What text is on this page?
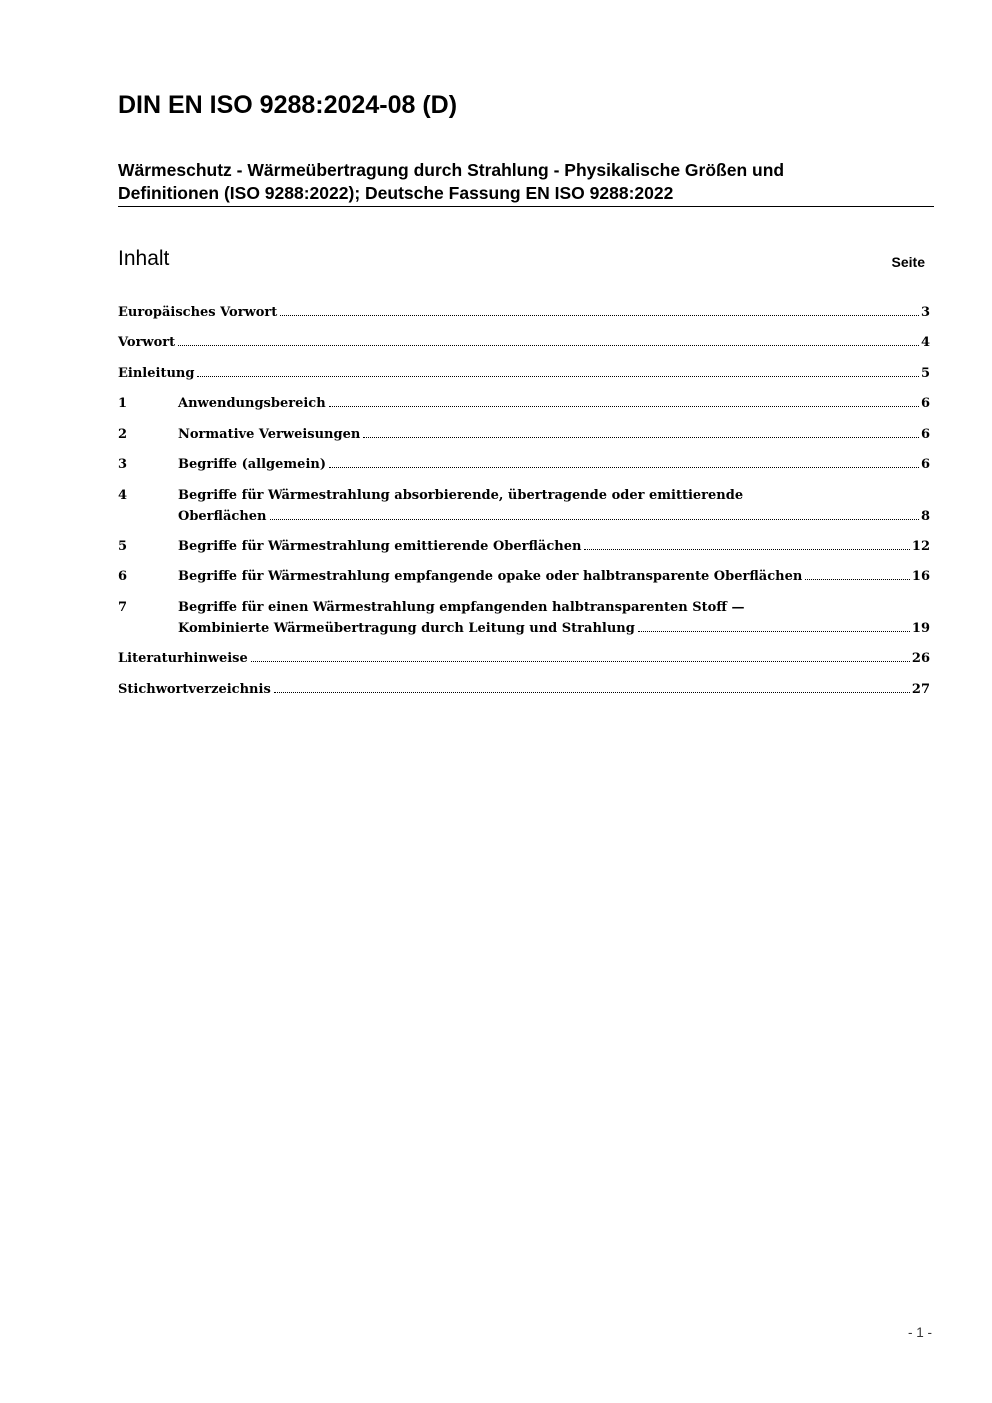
DIN EN ISO 9288:2024-08 (D)
Wärmeschutz - Wärmeübertragung durch Strahlung - Physikalische Größen und
Definitionen (ISO 9288:2022); Deutsche Fassung EN ISO 9288:2022
Inhalt	Seite
Europäisches Vorwort	3
Vorwort	4
Einleitung	5
1	Anwendungsbereich	6
2	Normative Verweisungen	6
3	Begriffe (allgemein)	6
4	Begriffe für Wärmestrahlung absorbierende, übertragende oder emittierende
Oberflächen	8
5	Begriffe für Wärmestrahlung emittierende Oberflächen	12
6	Begriffe für Wärmestrahlung empfangende opake oder halbtransparente Oberflächen	16
7	Begriffe für einen Wärmestrahlung empfangenden halbtransparenten Stoff —
Kombinierte Wärmeübertragung durch Leitung und Strahlung	19
Literaturhinweise	26
Stichwortverzeichnis	27
- 1 -
